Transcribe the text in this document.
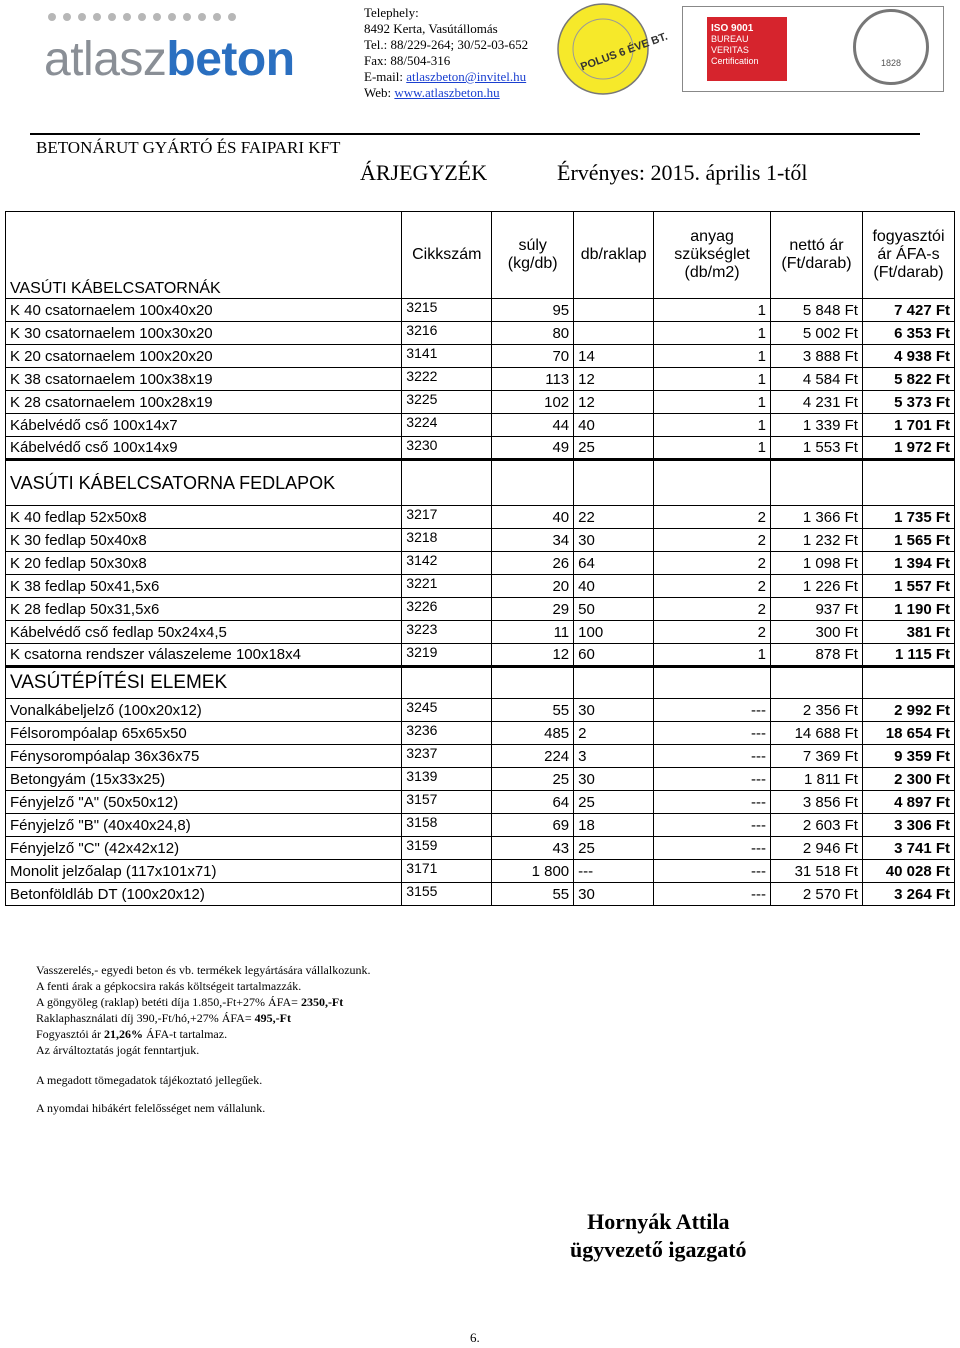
atlaszbeton
Telephely:
8492 Kerta, Vasútállomás
Tel.: 88/229-264; 30/52-03-652
Fax: 88/504-316
E-mail: atlaszbeton@invitel.hu
Web: www.atlaszbeton.hu
POLUS 6 ÉVE BT.
ISO 9001
BUREAU VERITAS
Certification	1828
BETONÁRUT GYÁRTÓ ÉS FAIPARI KFT
ÁRJEGYZÉK	Érvényes: 2015. április 1-től
VASÚTI KÁBELCSATORNÁK	Cikkszám	súly (kg/db)	db/raklap	anyag szükséglet (db/m2)	nettó ár (Ft/darab)	fogyasztói ár ÁFA-s (Ft/darab)
K 40 csatornaelem 100x40x20	3215	95		1	5 848 Ft	7 427 Ft
K 30 csatornaelem 100x30x20	3216	80		1	5 002 Ft	6 353 Ft
K 20 csatornaelem 100x20x20	3141	70	14	1	3 888 Ft	4 938 Ft
K 38 csatornaelem 100x38x19	3222	113	12	1	4 584 Ft	5 822 Ft
K 28 csatornaelem 100x28x19	3225	102	12	1	4 231 Ft	5 373 Ft
Kábelvédő cső 100x14x7	3224	44	40	1	1 339 Ft	1 701 Ft
Kábelvédő cső 100x14x9	3230	49	25	1	1 553 Ft	1 972 Ft
VASÚTI KÁBELCSATORNA FEDLAPOK						
K 40 fedlap 52x50x8	3217	40	22	2	1 366 Ft	1 735 Ft
K 30 fedlap 50x40x8	3218	34	30	2	1 232 Ft	1 565 Ft
K 20 fedlap 50x30x8	3142	26	64	2	1 098 Ft	1 394 Ft
K 38 fedlap 50x41,5x6	3221	20	40	2	1 226 Ft	1 557 Ft
K 28 fedlap 50x31,5x6	3226	29	50	2	937 Ft	1 190 Ft
Kábelvédő cső fedlap 50x24x4,5	3223	11	100	2	300 Ft	381 Ft
K csatorna rendszer válaszeleme 100x18x4	3219	12	60	1	878 Ft	1 115 Ft
VASÚTÉPÍTÉSI ELEMEK						
Vonalkábeljelző (100x20x12)	3245	55	30	---	2 356 Ft	2 992 Ft
Félsorompóalap 65x65x50	3236	485	2	---	14 688 Ft	18 654 Ft
Fénysorompóalap 36x36x75	3237	224	3	---	7 369 Ft	9 359 Ft
Betongyám (15x33x25)	3139	25	30	---	1 811 Ft	2 300 Ft
Fényjelző "A" (50x50x12)	3157	64	25	---	3 856 Ft	4 897 Ft
Fényjelző "B" (40x40x24,8)	3158	69	18	---	2 603 Ft	3 306 Ft
Fényjelző "C" (42x42x12)	3159	43	25	---	2 946 Ft	3 741 Ft
Monolit jelzőalap (117x101x71)	3171	1 800	---	---	31 518 Ft	40 028 Ft
Betonföldláb DT (100x20x12)	3155	55	30	---	2 570 Ft	3 264 Ft

Vasszerelés,- egyedi beton és vb. termékek legyártására vállalkozunk.

A fenti árak a gépkocsira rakás költségeit tartalmazzák.

A göngyöleg (raklap) betéti díja 1.850,-Ft+27% ÁFA= 2350,-Ft

Raklaphasználati díj 390,-Ft/hó,+27% ÁFA= 495,-Ft

Fogyasztói ár 21,26% ÁFA-t tartalmaz.

Az árváltoztatás jogát fenntartjuk.

A megadott tömegadatok tájékoztató jellegűek.

A nyomdai hibákért felelősséget nem vállalunk.

Hornyák Attila
ügyvezető igazgató
6.
